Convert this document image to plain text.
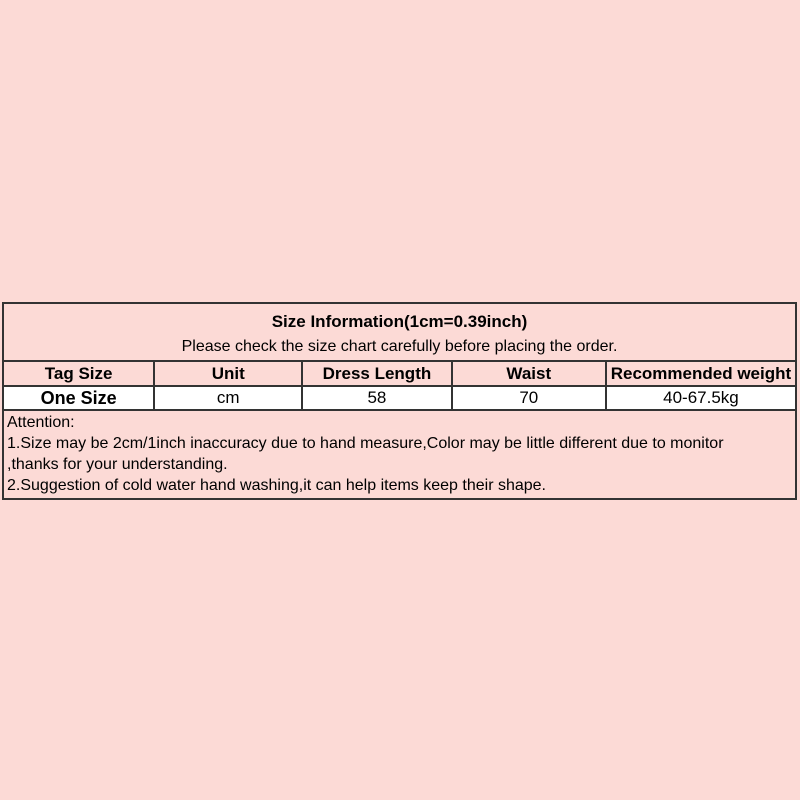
Size Information(1cm=0.39inch)
Please check the size chart carefully before placing the order.
Tag Size	Unit	Dress Length	Waist	Recommended weight
One Size	cm	58	70	40-67.5kg
Attention:
1.Size may be 2cm/1inch inaccuracy due to hand measure,Color may be little different due to monitor
,thanks for your understanding.
2.Suggestion of cold water hand washing,it can help items keep their shape.
